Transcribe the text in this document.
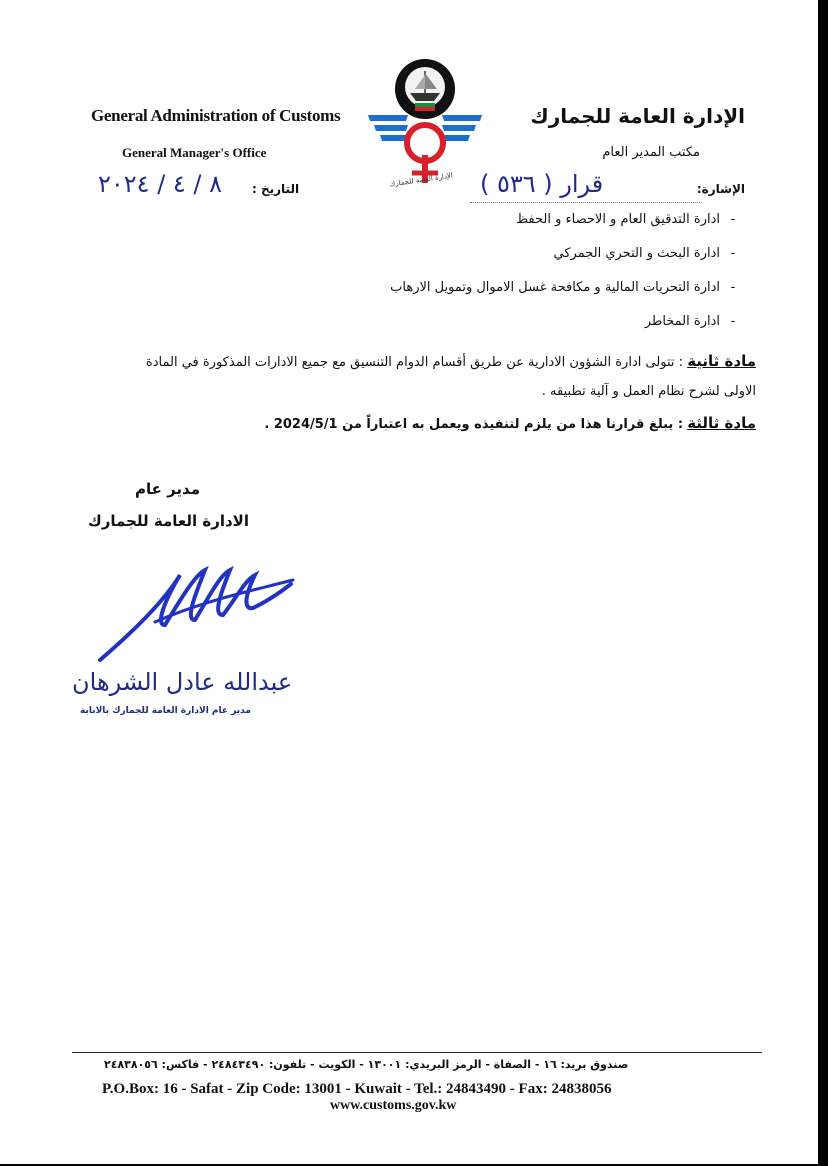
General Administration of Customs
General Manager's Office
الإدارة العامة للجمارك
مكتب المدير العام
الإدارة العامة للجمارك
التاريخ :
٨ / ٤ / ٢٠٢٤	الإشارة:
قرار ( ٥٣٦ )
-ادارة التدقيق العام و الاحصاء و الحفظ
-ادارة البحث و التحري الجمركي
-ادارة التحريات المالية و مكافحة غسل الاموال وتمويل الارهاب
-ادارة المخاطر
مادة ثانية : تتولى ادارة الشؤون الادارية عن طريق أقسام الدوام التنسيق مع جميع الادارات المذكورة في المادة
الاولى لشرح نظام العمل و آلية تطبيقه .
مادة ثالثة : يبلغ قرارنا هذا من يلزم لتنفيذه ويعمل به اعتباراً من 2024/5/1 .
مدير عام
الادارة العامة للجمارك
عبدالله عادل الشرهان
مدير عام الادارة العامة للجمارك بالانابة
صندوق بريد: ١٦ - الصفاة - الرمز البريدي: ١٣٠٠١ - الكويت - تلفون: ٢٤٨٤٣٤٩٠ - فاكس: ٢٤٨٣٨٠٥٦
P.O.Box: 16 - Safat - Zip Code: 13001 - Kuwait - Tel.: 24843490 - Fax: 24838056
www.customs.gov.kw
